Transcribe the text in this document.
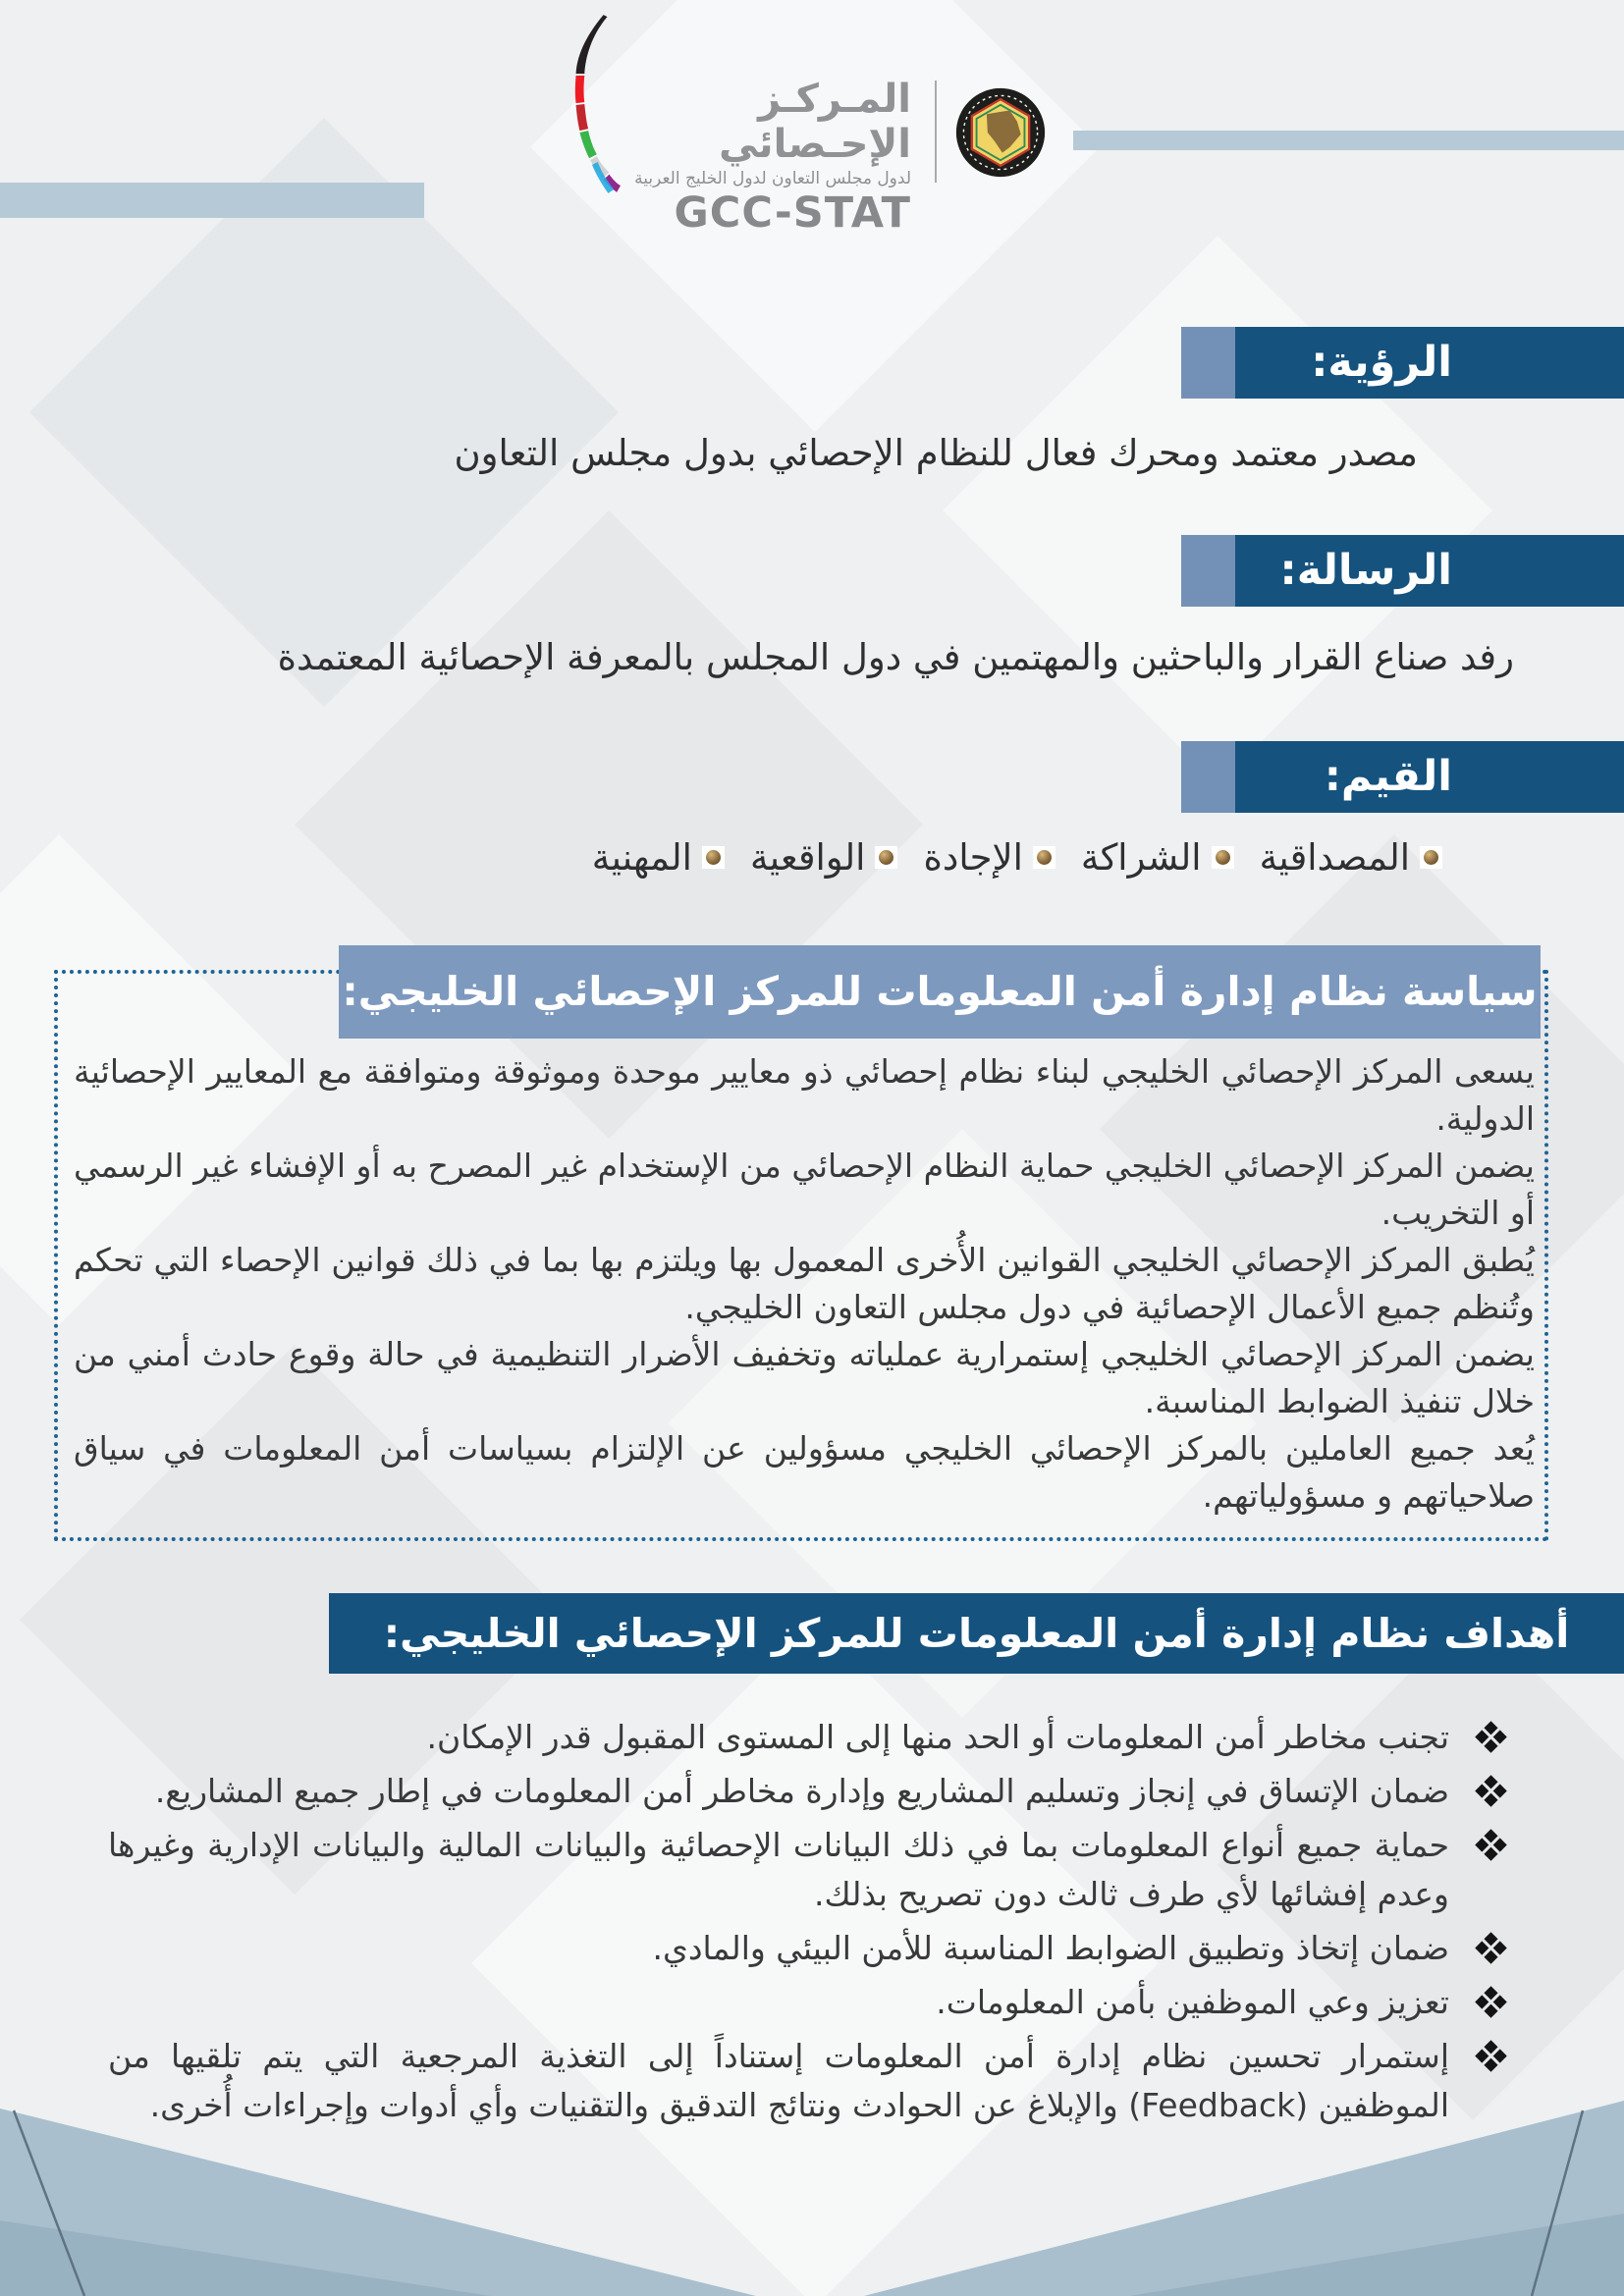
المـركـز الإحـصائي
لدول مجلس التعاون لدول الخليج العربية
GCC-STAT
الرؤية:
مصدر معتمد ومحرك فعال للنظام الإحصائي بدول مجلس التعاون
الرسالة:
رفد صناع القرار والباحثين والمهتمين في دول المجلس بالمعرفة الإحصائية المعتمدة
القيم:
المصداقية
الشراكة
الإجادة
الواقعية
المهنية
سياسة نظام إدارة أمن المعلومات للمركز الإحصائي الخليجي:

يسعى المركز الإحصائي الخليجي لبناء نظام إحصائي ذو معايير موحدة وموثوقة ومتوافقة مع المعايير الإحصائية الدولية.

يضمن المركز الإحصائي الخليجي حماية النظام الإحصائي من الإستخدام غير المصرح به أو الإفشاء غير الرسمي أو التخريب.

يُطبق المركز الإحصائي الخليجي القوانين الأُخرى المعمول بها ويلتزم بها بما في ذلك قوانين الإحصاء التي تحكم وتُنظم جميع الأعمال الإحصائية في دول مجلس التعاون الخليجي.

يضمن المركز الإحصائي الخليجي إستمرارية عملياته وتخفيف الأضرار التنظيمية في حالة وقوع حادث أمني من خلال تنفيذ الضوابط المناسبة.

يُعد جميع العاملين بالمركز الإحصائي الخليجي مسؤولين عن الإلتزام بسياسات أمن المعلومات في سياق صلاحياتهم و مسؤولياتهم.

أهداف نظام إدارة أمن المعلومات للمركز الإحصائي الخليجي:

تجنب مخاطر أمن المعلومات أو الحد منها إلى المستوى المقبول قدر الإمكان.

ضمان الإتساق في إنجاز وتسليم المشاريع وإدارة مخاطر أمن المعلومات في إطار جميع المشاريع.

حماية جميع أنواع المعلومات بما في ذلك البيانات الإحصائية والبيانات المالية والبيانات الإدارية وغيرها وعدم إفشائها لأي طرف ثالث دون تصريح بذلك.

ضمان إتخاذ وتطبيق الضوابط المناسبة للأمن البيئي والمادي.

تعزيز وعي الموظفين بأمن المعلومات.

إستمرار تحسين نظام إدارة أمن المعلومات إستناداً إلى التغذية المرجعية التي يتم تلقيها من الموظفين (Feedback) والإبلاغ عن الحوادث ونتائج التدقيق والتقنيات وأي أدوات وإجراءات أُخرى.
